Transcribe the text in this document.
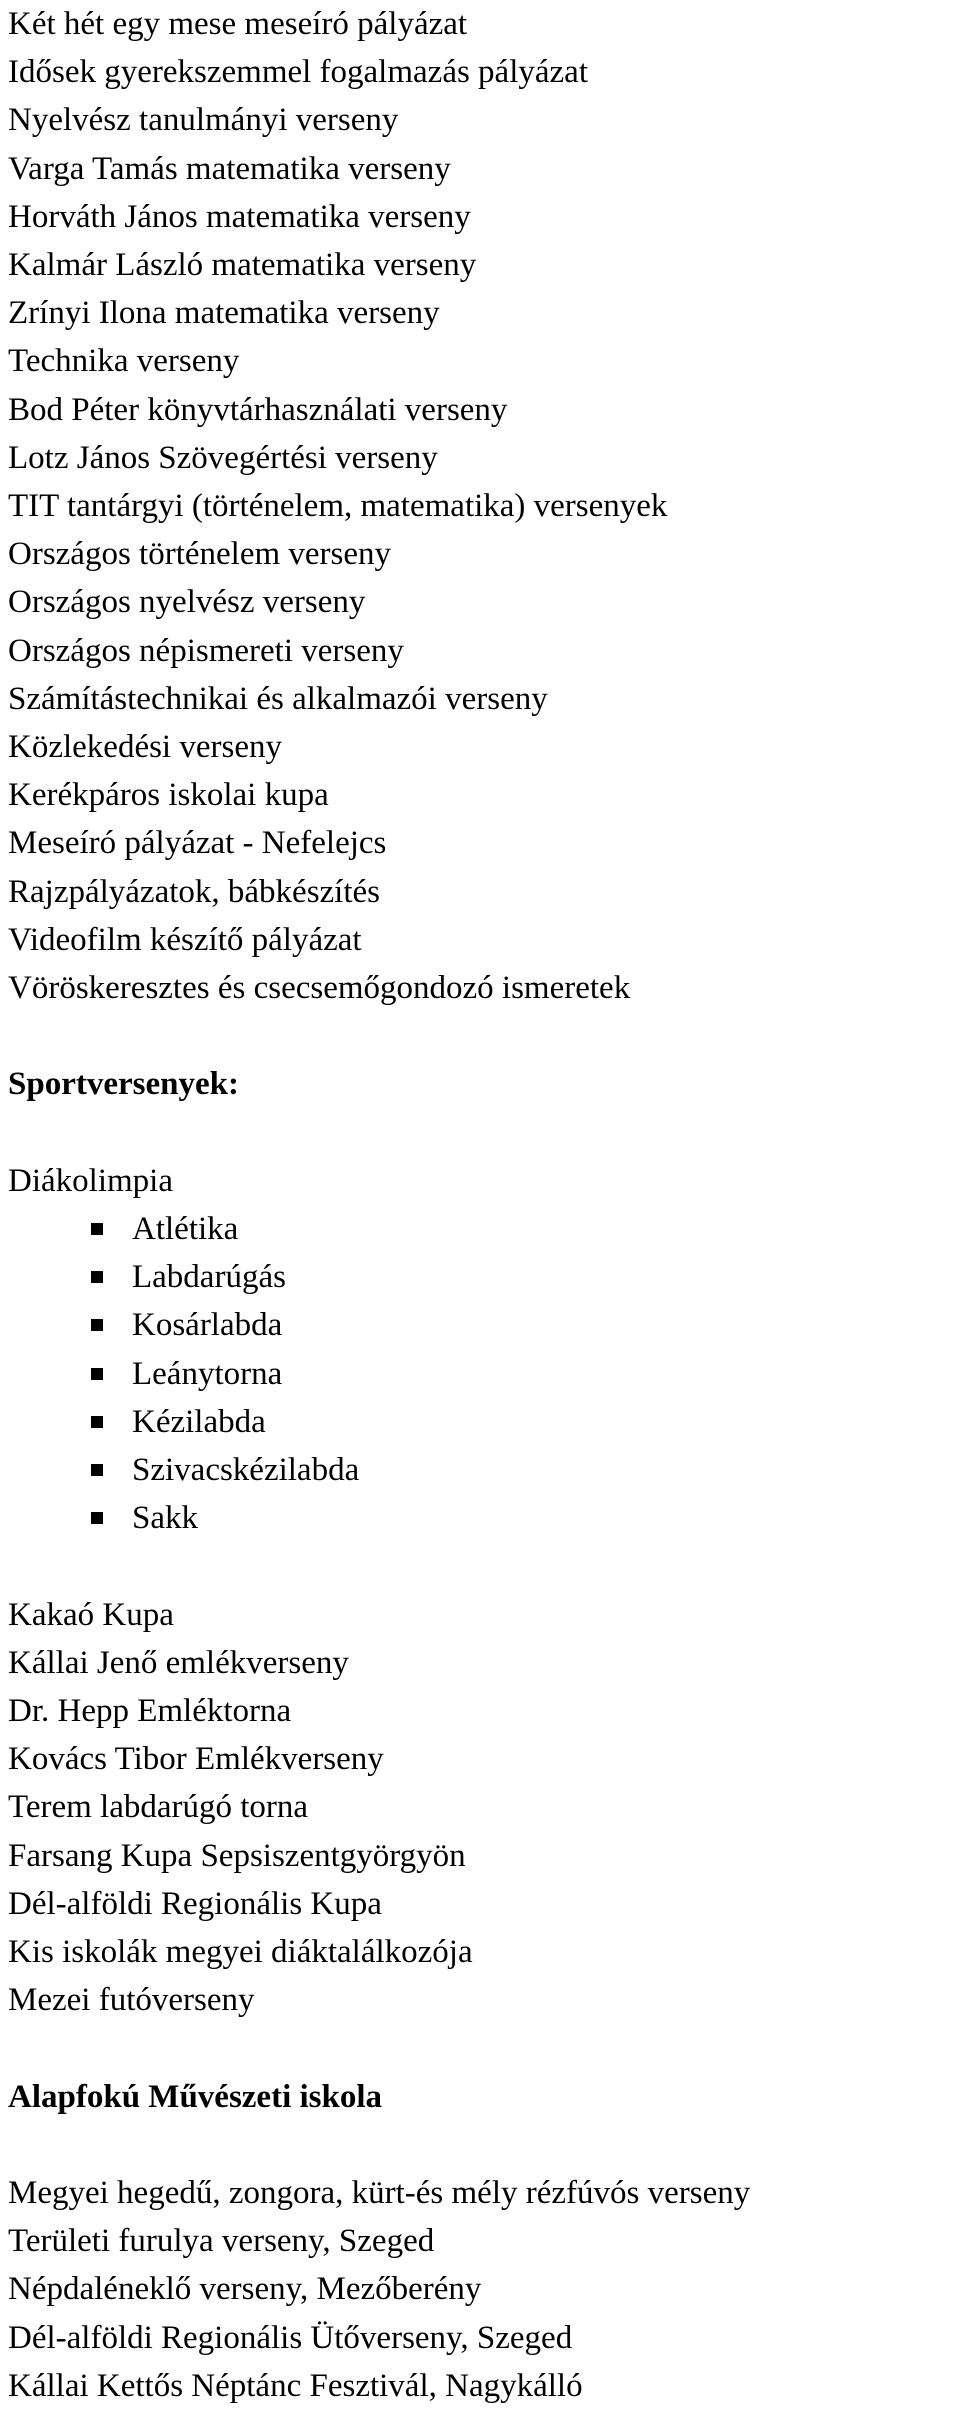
Két hét egy mese meseíró pályázat
Idősek gyerekszemmel fogalmazás pályázat
Nyelvész tanulmányi verseny
Varga Tamás matematika verseny
Horváth János matematika verseny
Kalmár László matematika verseny
Zrínyi Ilona matematika verseny
Technika verseny
Bod Péter könyvtárhasználati verseny
Lotz János Szövegértési verseny
TIT tantárgyi (történelem, matematika) versenyek
Országos történelem verseny
Országos nyelvész verseny
Országos népismereti verseny
Számítástechnikai és alkalmazói verseny
Közlekedési verseny
Kerékpáros iskolai kupa
Meseíró pályázat - Nefelejcs
Rajzpályázatok, bábkészítés
Videofilm készítő pályázat
Vöröskeresztes és csecsemőgondozó ismeretek
Sportversenyek:
Diákolimpia
Atlétika
Labdarúgás
Kosárlabda
Leánytorna
Kézilabda
Szivacskézilabda
Sakk
Kakaó Kupa
Kállai Jenő emlékverseny
Dr. Hepp Emléktorna
Kovács Tibor Emlékverseny
Terem labdarúgó torna
Farsang Kupa Sepsiszentgyörgyön
Dél-alföldi Regionális Kupa
Kis iskolák megyei diáktalálkozója
Mezei futóverseny
Alapfokú Művészeti iskola
Megyei hegedű, zongora, kürt-és mély rézfúvós verseny
Területi furulya verseny, Szeged
Népdaléneklő verseny, Mezőberény
Dél-alföldi Regionális Ütőverseny, Szeged
Kállai Kettős Néptánc Fesztivál, Nagykálló
